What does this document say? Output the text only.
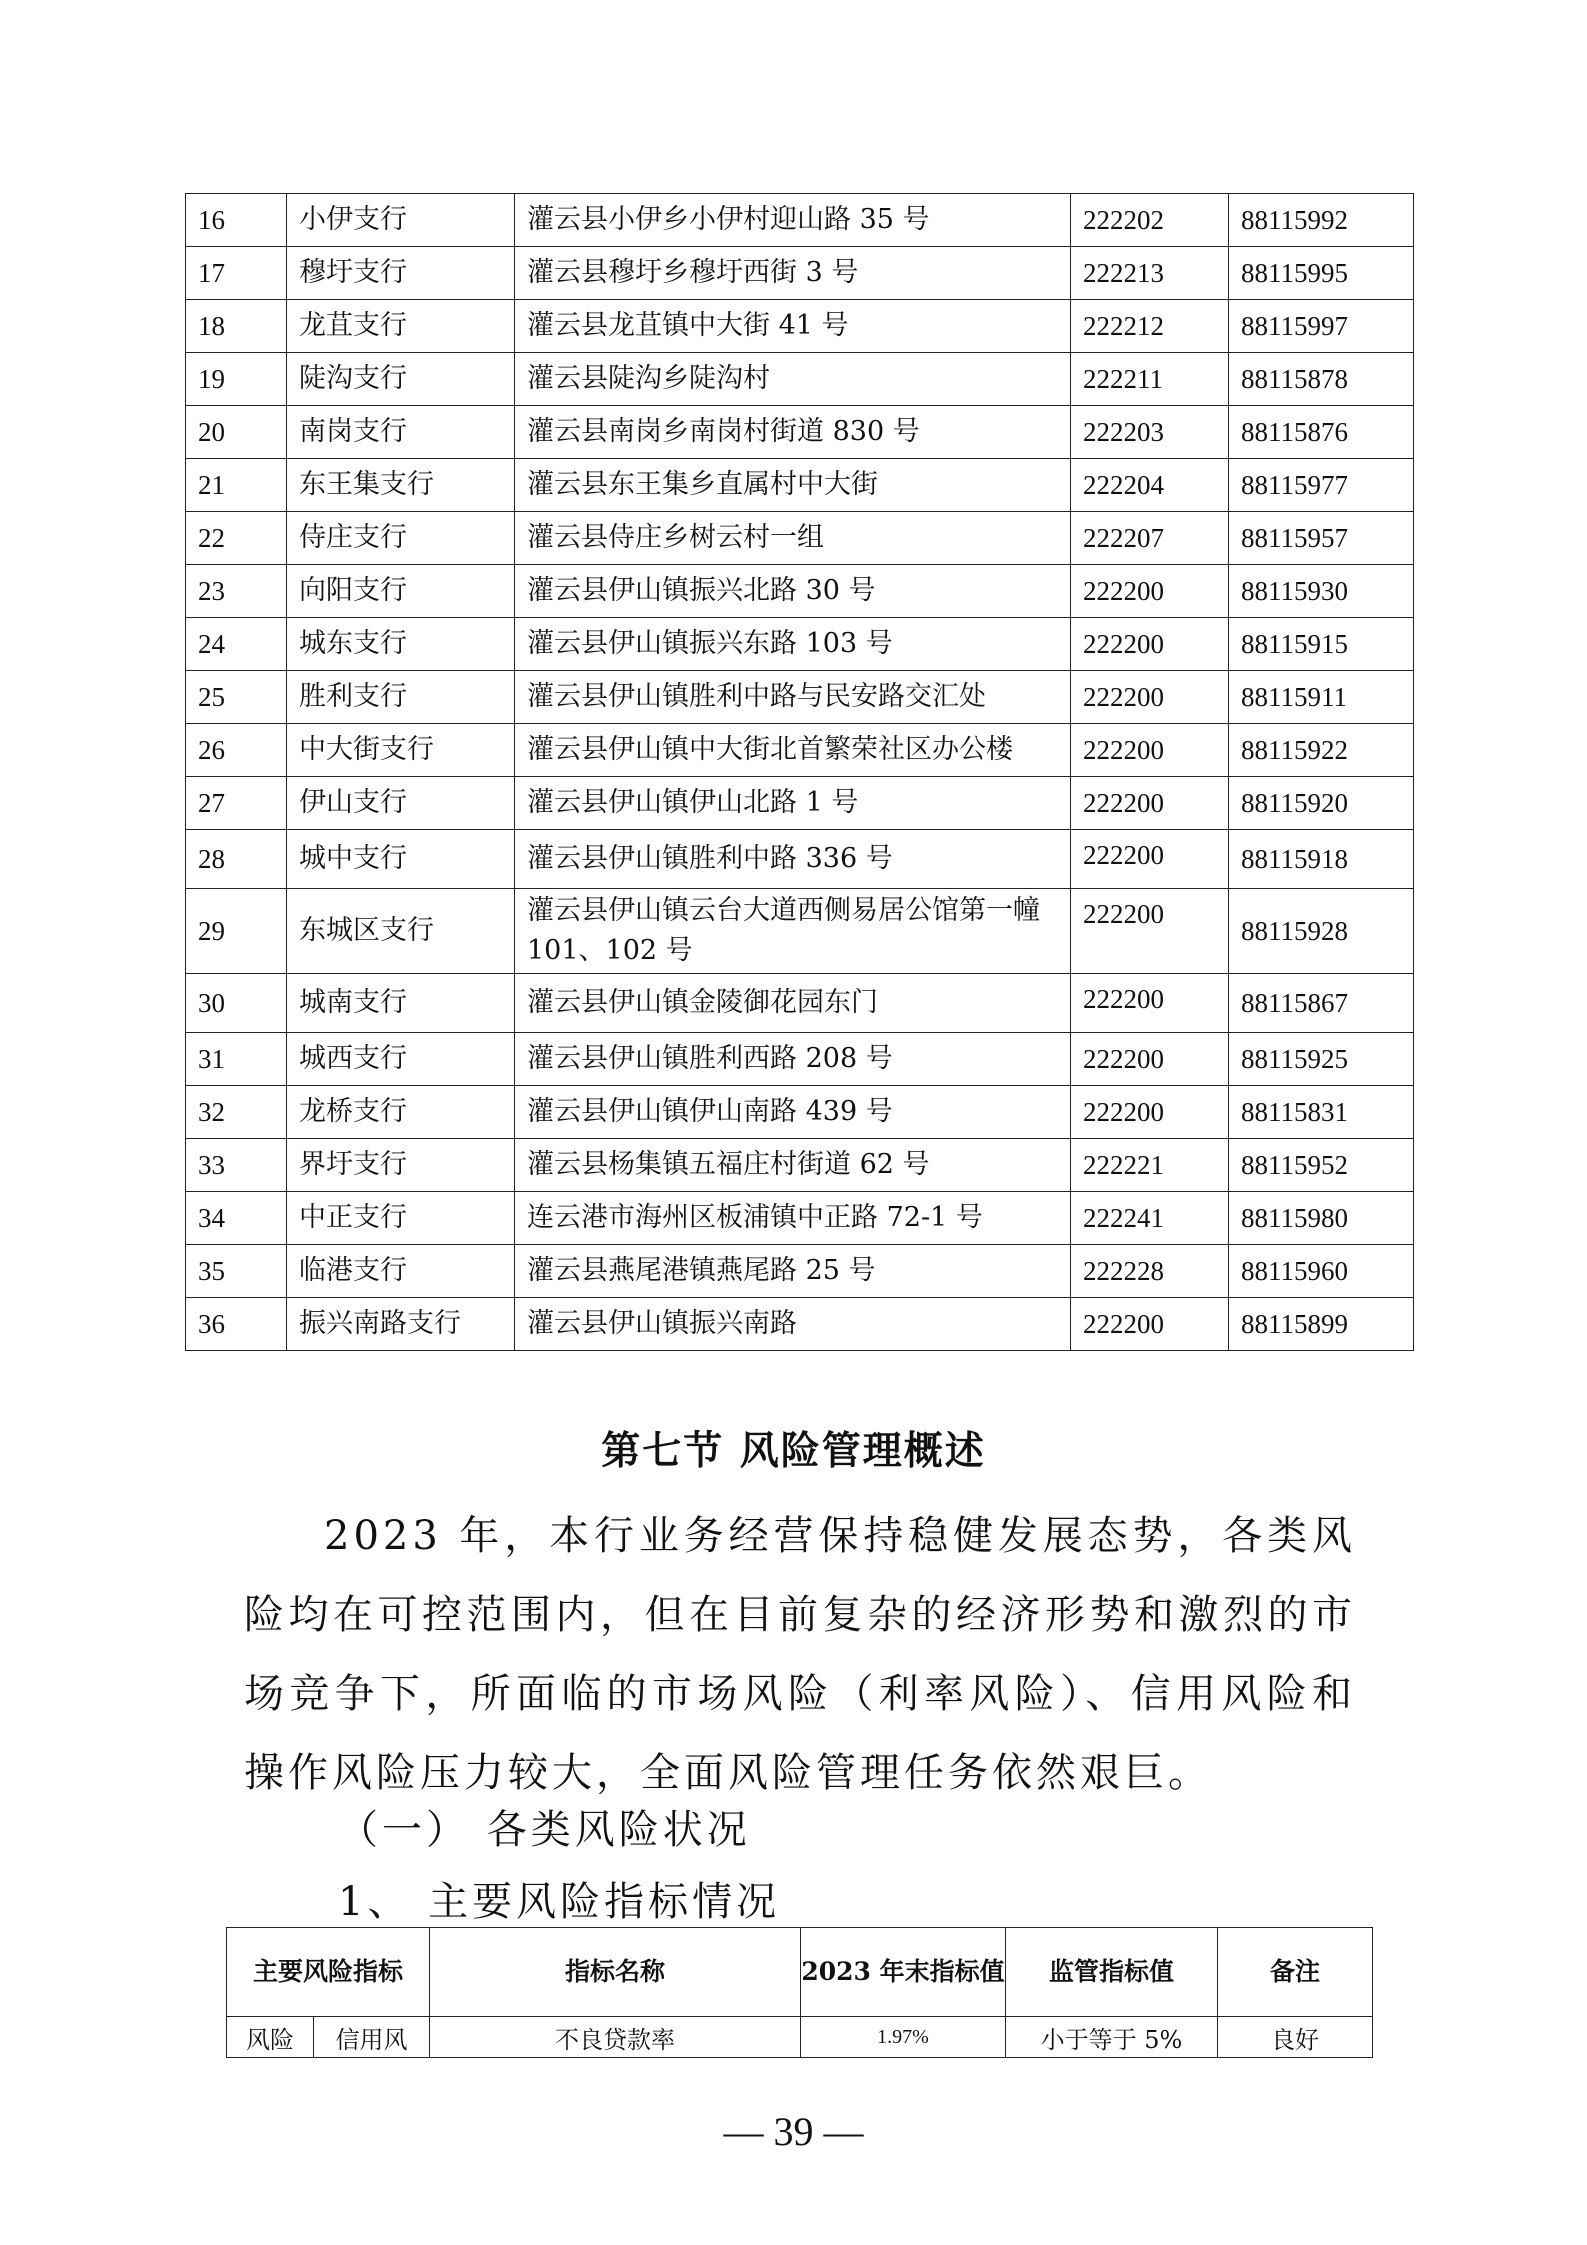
16	小伊支行	灌云县小伊乡小伊村迎山路 35 号	222202	88115992
17	穆圩支行	灌云县穆圩乡穆圩西街 3 号	222213	88115995
18	龙苴支行	灌云县龙苴镇中大街 41 号	222212	88115997
19	陡沟支行	灌云县陡沟乡陡沟村	222211	88115878
20	南岗支行	灌云县南岗乡南岗村街道 830 号	222203	88115876
21	东王集支行	灌云县东王集乡直属村中大街	222204	88115977
22	侍庄支行	灌云县侍庄乡树云村一组	222207	88115957
23	向阳支行	灌云县伊山镇振兴北路 30 号	222200	88115930
24	城东支行	灌云县伊山镇振兴东路 103 号	222200	88115915
25	胜利支行	灌云县伊山镇胜利中路与民安路交汇处	222200	88115911
26	中大街支行	灌云县伊山镇中大街北首繁荣社区办公楼	222200	88115922
27	伊山支行	灌云县伊山镇伊山北路 1 号	222200	88115920
28	城中支行	灌云县伊山镇胜利中路 336 号	222200	88115918
29	东城区支行	灌云县伊山镇云台大道西侧易居公馆第一幢 101、102 号	222200	88115928
30	城南支行	灌云县伊山镇金陵御花园东门	222200	88115867
31	城西支行	灌云县伊山镇胜利西路 208 号	222200	88115925
32	龙桥支行	灌云县伊山镇伊山南路 439 号	222200	88115831
33	界圩支行	灌云县杨集镇五福庄村街道 62 号	222221	88115952
34	中正支行	连云港市海州区板浦镇中正路 72-1 号	222241	88115980
35	临港支行	灌云县燕尾港镇燕尾路 25 号	222228	88115960
36	振兴南路支行	灌云县伊山镇振兴南路	222200	88115899
第七节 风险管理概述

2023 年，本行业务经营保持稳健发展态势，各类风险均在可控范围内，但在目前复杂的经济形势和激烈的市场竞争下，所面临的市场风险（利率风险）、信用风险和操作风险压力较大，全面风险管理任务依然艰巨。

（一） 各类风险状况
1、 主要风险指标情况
主要风险指标		指标名称	2023 年末指标值	监管指标值	备注
风险	信用风	不良贷款率	1.97%	小于等于 5%	良好
— 39 —
